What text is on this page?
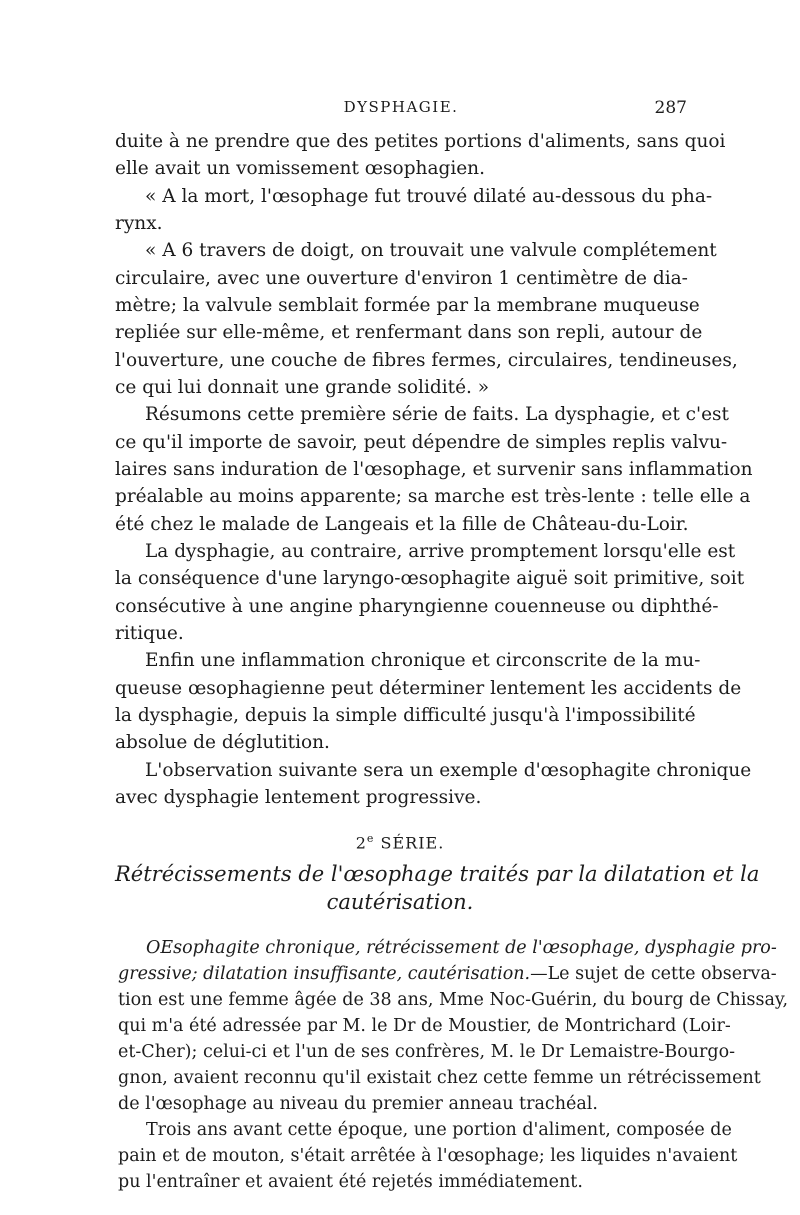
DYSPHAGIE.	287
duite à ne prendre que des petites portions d'aliments, sans quoi
elle avait un vomissement œsophagien.
« A la mort, l'œsophage fut trouvé dilaté au-dessous du pha-
rynx.
« A 6 travers de doigt, on trouvait une valvule complétement
circulaire, avec une ouverture d'environ 1 centimètre de dia-
mètre; la valvule semblait formée par la membrane muqueuse
repliée sur elle-même, et renfermant dans son repli, autour de
l'ouverture, une couche de fibres fermes, circulaires, tendineuses,
ce qui lui donnait une grande solidité. »
Résumons cette première série de faits. La dysphagie, et c'est
ce qu'il importe de savoir, peut dépendre de simples replis valvu-
laires sans induration de l'œsophage, et survenir sans inflammation
préalable au moins apparente; sa marche est très-lente : telle elle a
été chez le malade de Langeais et la fille de Château-du-Loir.
La dysphagie, au contraire, arrive promptement lorsqu'elle est
la conséquence d'une laryngo-œsophagite aiguë soit primitive, soit
consécutive à une angine pharyngienne couenneuse ou diphthé-
ritique.
Enfin une inflammation chronique et circonscrite de la mu-
queuse œsophagienne peut déterminer lentement les accidents de
la dysphagie, depuis la simple difficulté jusqu'à l'impossibilité
absolue de déglutition.
L'observation suivante sera un exemple d'œsophagite chronique
avec dysphagie lentement progressive.
2e SÉRIE.
Rétrécissements de l'œsophage traités par la dilatation et la
cautérisation.
OEsophagite chronique, rétrécissement de l'œsophage, dysphagie pro-
gressive; dilatation insuffisante, cautérisation.—Le sujet de cette observa-
tion est une femme âgée de 38 ans, Mme Noc-Guérin, du bourg de Chissay,
qui m'a été adressée par M. le Dr de Moustier, de Montrichard (Loir-
et-Cher); celui-ci et l'un de ses confrères, M. le Dr Lemaistre-Bourgo-
gnon, avaient reconnu qu'il existait chez cette femme un rétrécissement
de l'œsophage au niveau du premier anneau trachéal.
Trois ans avant cette époque, une portion d'aliment, composée de
pain et de mouton, s'était arrêtée à l'œsophage; les liquides n'avaient
pu l'entraîner et avaient été rejetés immédiatement.
